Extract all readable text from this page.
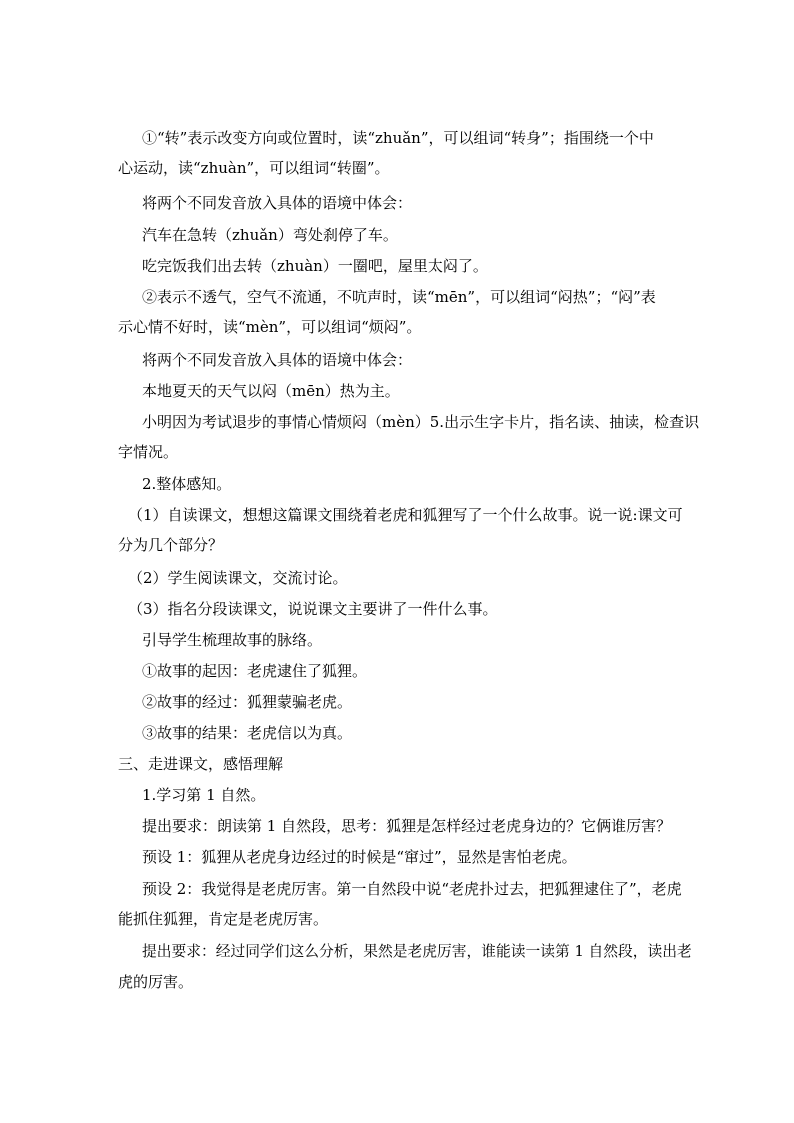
①“转”表示改变方向或位置时，读“zhuǎn”，可以组词“转身”；指围绕一个中
心运动，读“zhuàn”，可以组词“转圈”。
将两个不同发音放入具体的语境中体会：
汽车在急转（zhuǎn）弯处刹停了车。
吃完饭我们出去转（zhuàn）一圈吧，屋里太闷了。
②表示不透气，空气不流通，不吭声时，读“mēn”，可以组词“闷热”；“闷”表
示心情不好时，读“mèn”，可以组词“烦闷”。
将两个不同发音放入具体的语境中体会：
本地夏天的天气以闷（mēn）热为主。
小明因为考试退步的事情心情烦闷（mèn）5.出示生字卡片，指名读、抽读，检查识
字情况。
2.整体感知。
（1）自读课文，想想这篇课文围绕着老虎和狐狸写了一个什么故事。说一说:课文可
分为几个部分？
（2）学生阅读课文，交流讨论。
（3）指名分段读课文，说说课文主要讲了一件什么事。
引导学生梳理故事的脉络。
①故事的起因：老虎逮住了狐狸。
②故事的经过：狐狸蒙骗老虎。
③故事的结果：老虎信以为真。
三、走进课文，感悟理解
1.学习第 1 自然。
提出要求：朗读第 1 自然段，思考：狐狸是怎样经过老虎身边的？它俩谁厉害？
预设 1：狐狸从老虎身边经过的时候是“窜过”，显然是害怕老虎。
预设 2：我觉得是老虎厉害。第一自然段中说“老虎扑过去，把狐狸逮住了”，老虎
能抓住狐狸，肯定是老虎厉害。
提出要求：经过同学们这么分析，果然是老虎厉害，谁能读一读第 1 自然段，读出老
虎的厉害。
